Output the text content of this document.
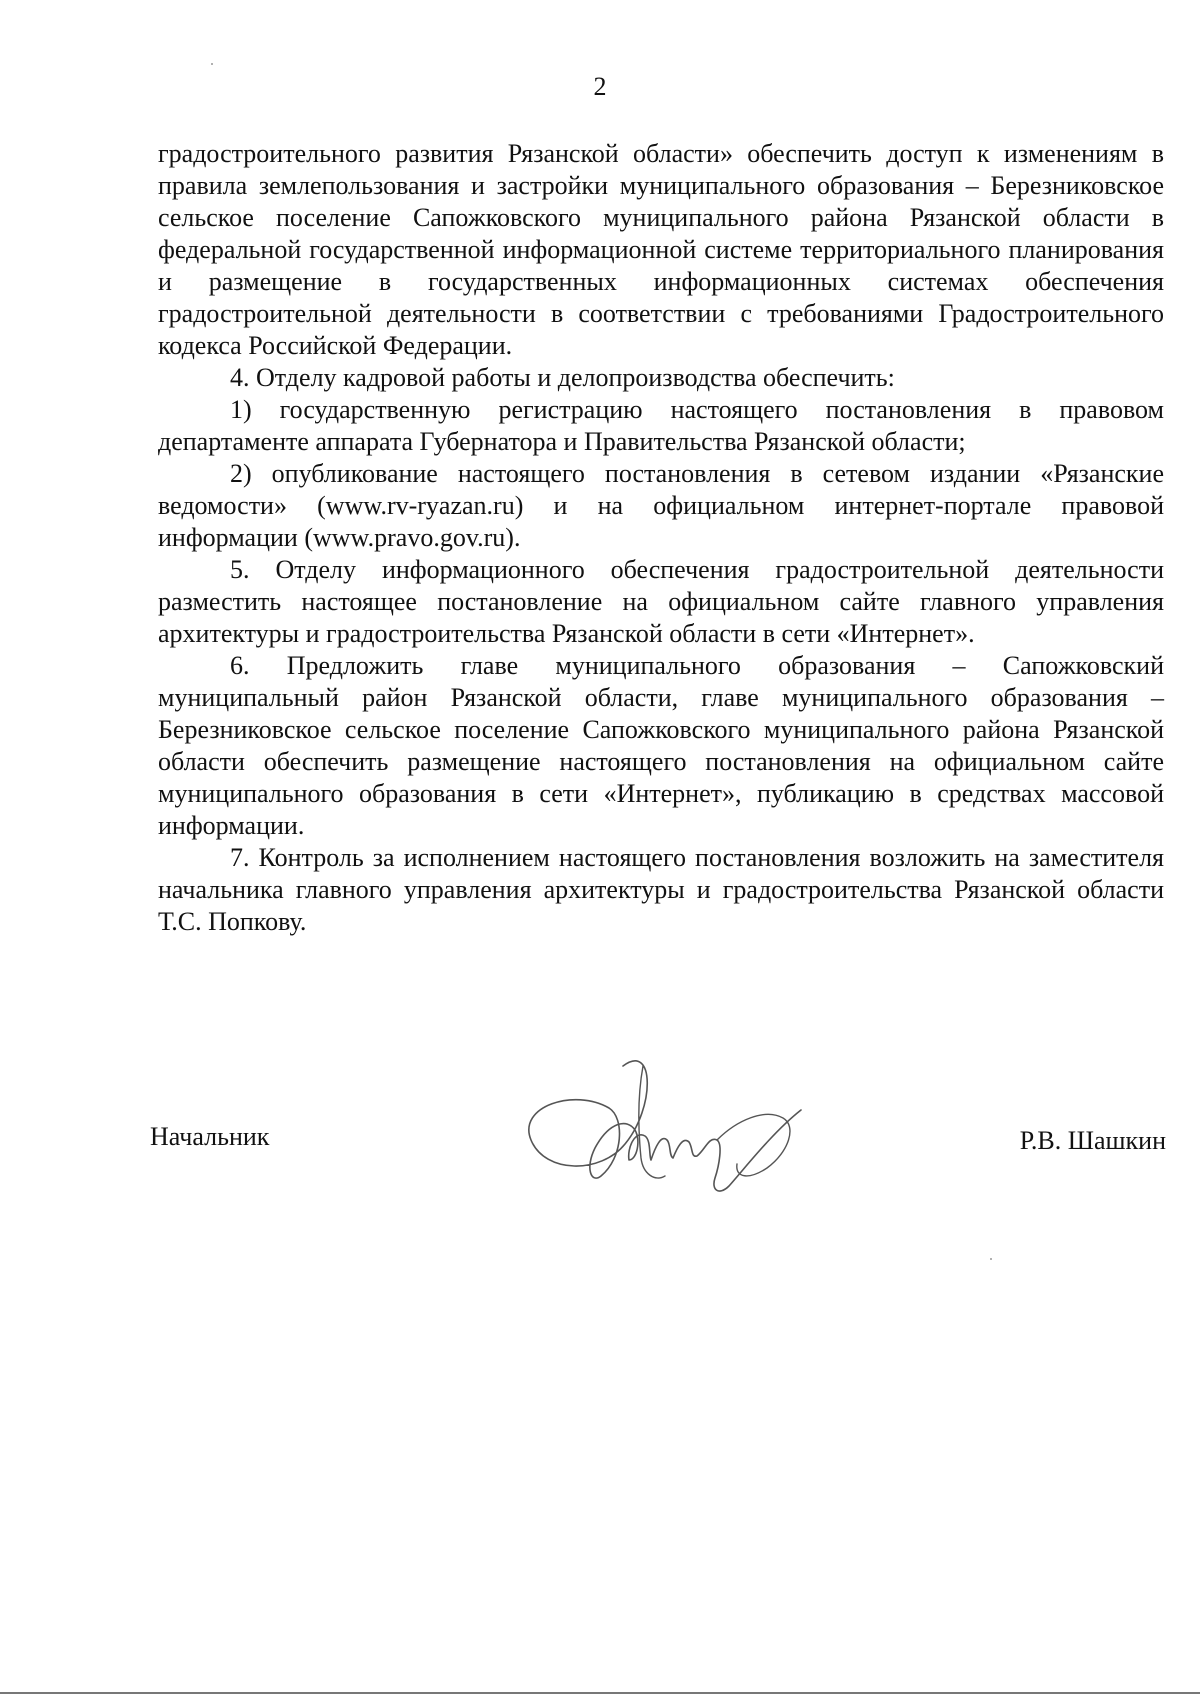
2

градостроительного развития Рязанской области» обеспечить доступ к изменениям в правила землепользования и застройки муниципального образования – Березниковское сельское поселение Сапожковского муниципального района Рязанской области в федеральной государственной информационной системе территориального планирования и размещение в государственных информационных системах обеспечения градостроительной деятельности в соответствии с требованиями Градостроительного кодекса Российской Федерации.

4. Отделу кадровой работы и делопроизводства обеспечить:

1) государственную регистрацию настоящего постановления в правовом департаменте аппарата Губернатора и Правительства Рязанской области;

2) опубликование настоящего постановления в сетевом издании «Рязанские ведомости» (www.rv-ryazan.ru) и на официальном интернет-портале правовой информации (www.pravo.gov.ru).

5. Отделу информационного обеспечения градостроительной деятельности разместить настоящее постановление на официальном сайте главного управления архитектуры и градостроительства Рязанской области в сети «Интернет».

6. Предложить главе муниципального образования – Сапожковский муниципальный район Рязанской области, главе муниципального образования – Березниковское сельское поселение Сапожковского муниципального района Рязанской области обеспечить размещение настоящего постановления на официальном сайте муниципального образования в сети «Интернет», публикацию в средствах массовой информации.

7. Контроль за исполнением настоящего постановления возложить на заместителя начальника главного управления архитектуры и градостроительства Рязанской области Т.С. Попкову.

Начальник	Р.В. Шашкин
